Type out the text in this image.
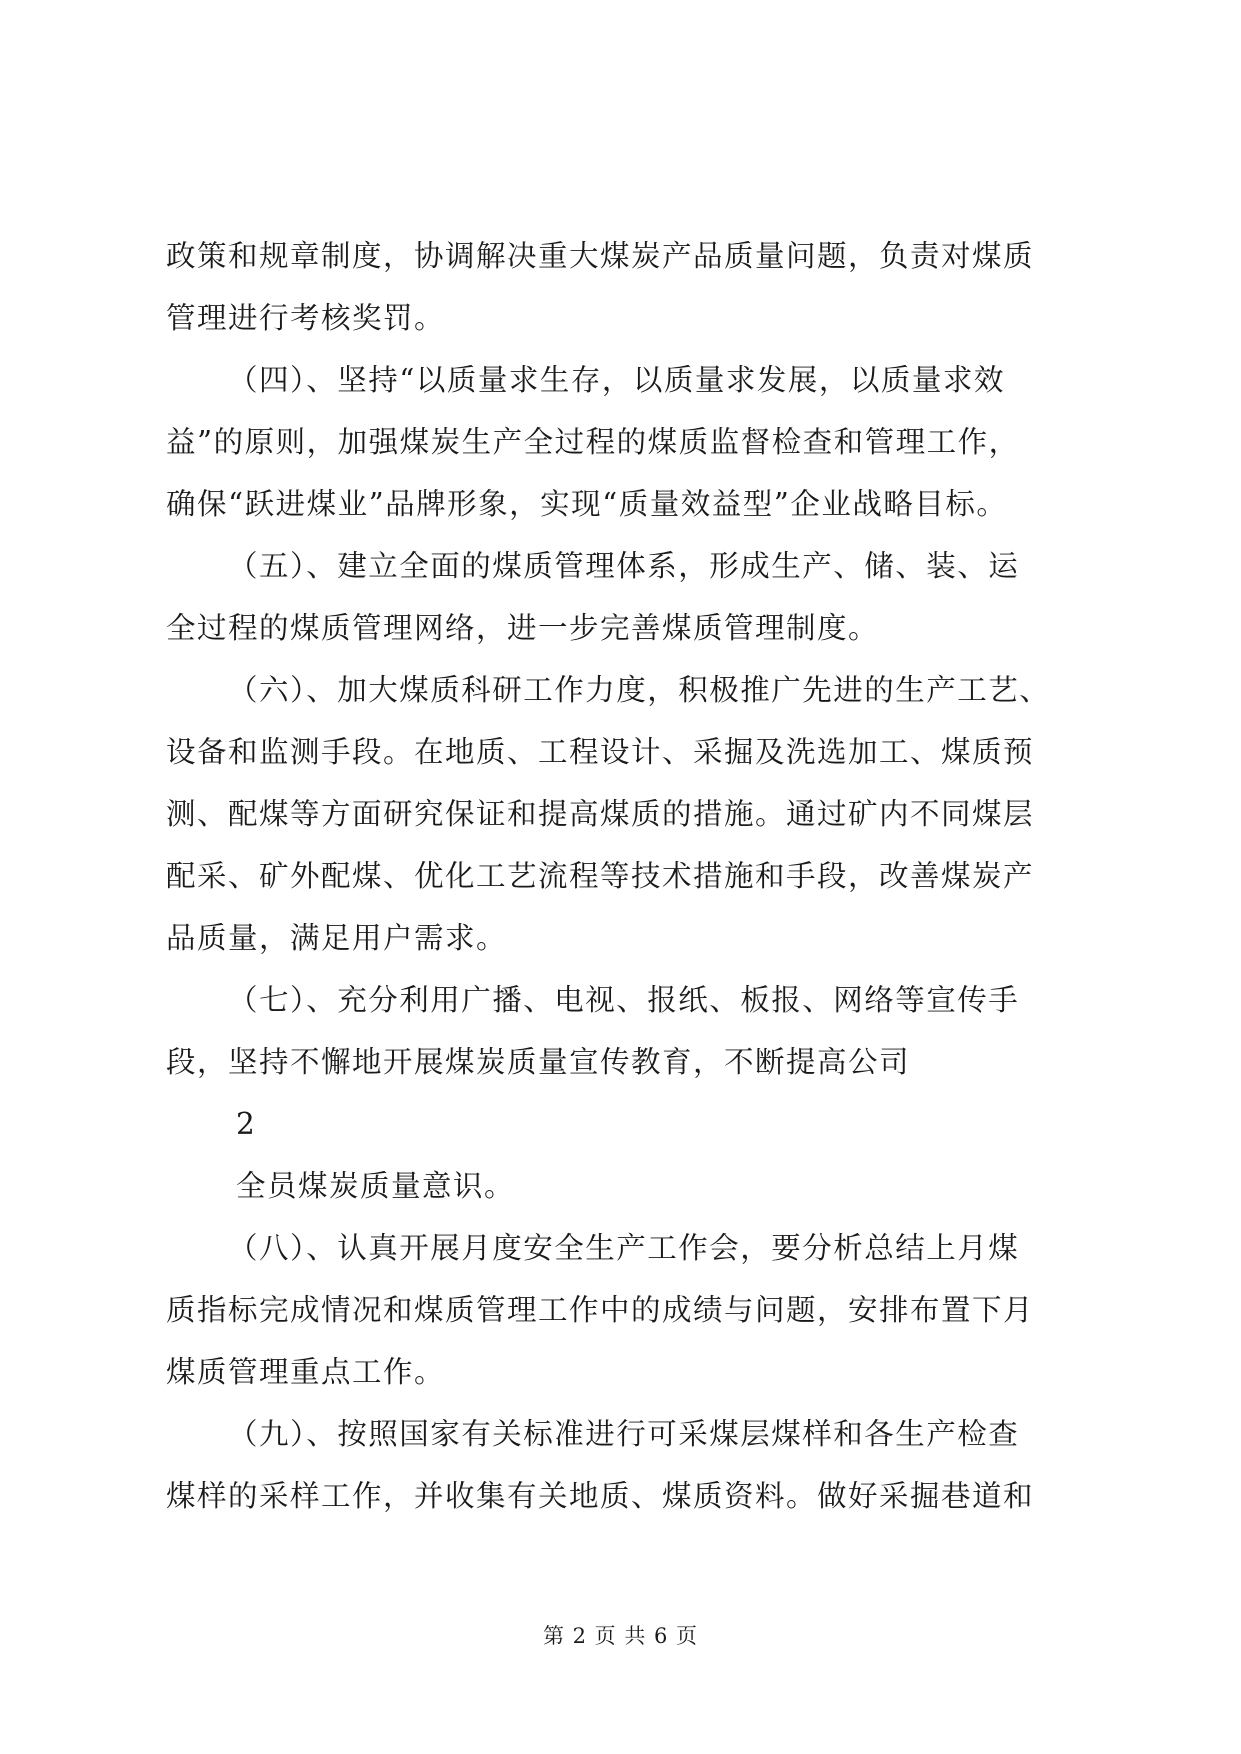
政策和规章制度，协调解决重大煤炭产品质量问题，负责对煤质
管理进行考核奖罚。
（四）、坚持“以质量求生存，以质量求发展，以质量求效
益”的原则，加强煤炭生产全过程的煤质监督检查和管理工作，
确保“跃进煤业”品牌形象，实现“质量效益型”企业战略目标。
（五）、建立全面的煤质管理体系，形成生产、储、装、运
全过程的煤质管理网络，进一步完善煤质管理制度。
（六）、加大煤质科研工作力度，积极推广先进的生产工艺、
设备和监测手段。在地质、工程设计、采掘及洗选加工、煤质预
测、配煤等方面研究保证和提高煤质的措施。通过矿内不同煤层
配采、矿外配煤、优化工艺流程等技术措施和手段，改善煤炭产
品质量，满足用户需求。
（七）、充分利用广播、电视、报纸、板报、网络等宣传手
段，坚持不懈地开展煤炭质量宣传教育，不断提高公司
2
全员煤炭质量意识。
（八）、认真开展月度安全生产工作会，要分析总结上月煤
质指标完成情况和煤质管理工作中的成绩与问题，安排布置下月
煤质管理重点工作。
（九）、按照国家有关标准进行可采煤层煤样和各生产检查
煤样的采样工作，并收集有关地质、煤质资料。做好采掘巷道和
第 2 页 共 6 页
